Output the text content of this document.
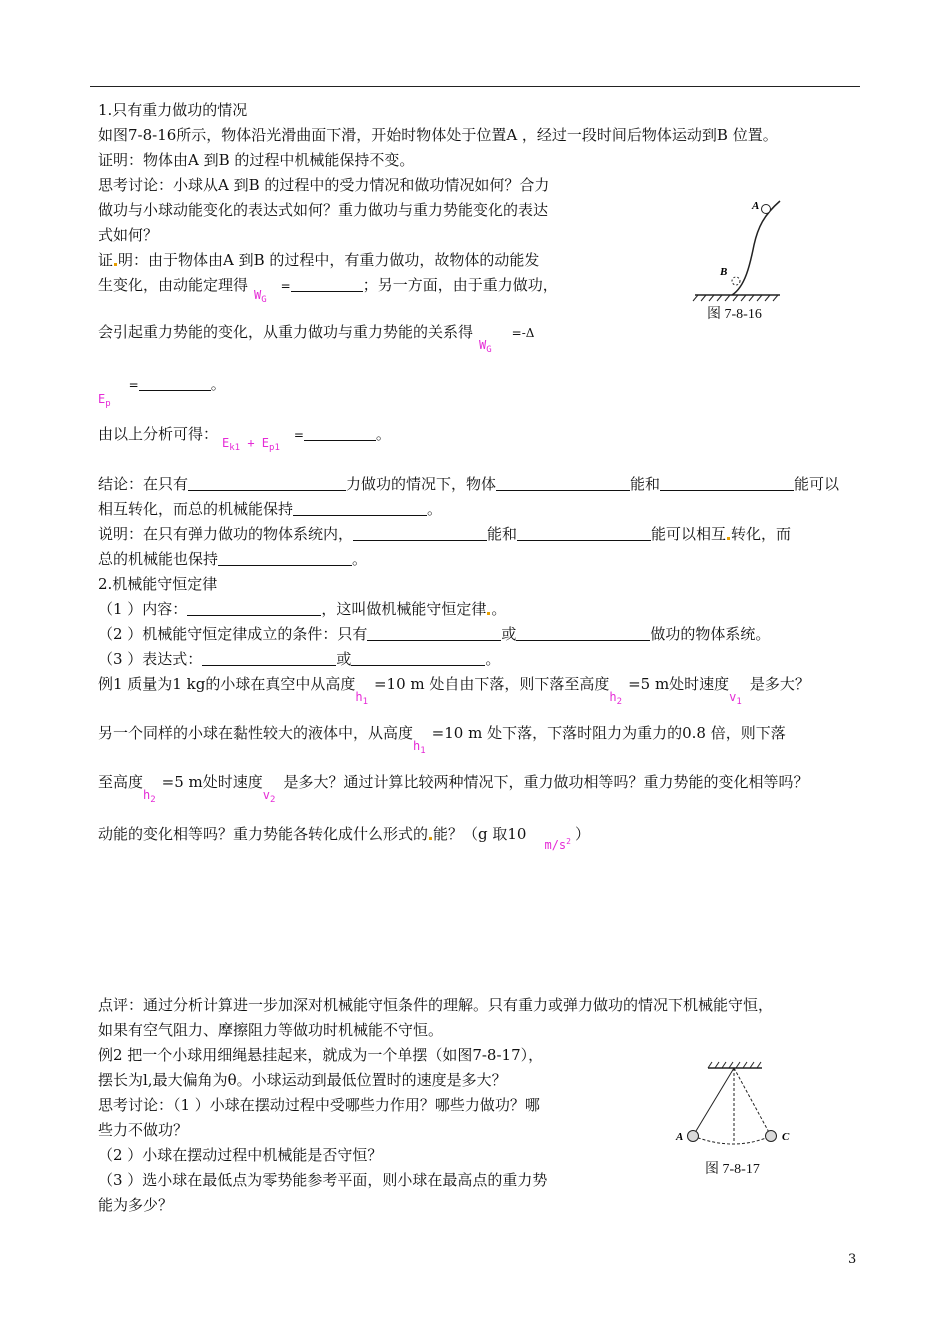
1.只有重力做功的情况
如图7-8-16所示，物体沿光滑曲面下滑，开始时物体处于位置A ，经过一段时间后物体运动到B 位置。
证明：物体由A 到B 的过程中机械能保持不变。
思考讨论：小球从A 到B 的过程中的受力情况和做功情况如何？合力
做功与小球动能变化的表达式如何？重力做功与重力势能变化的表达
式如何？
证 明：由于物体由A 到B 的过程中，有重力做功，故物体的动能发
生变化，由动能定理得$_{W_G}$=	；另一方面，由于重力做功，
会引起重力势能的变化，从重力做功与重力势能的关系得$_{W_G}$=-Δ
$_{E_p}$=	。
由以上分析可得： $_{E_{k1} + E_{p1}}$=	。
结论：在只有	力做功的情况下，物体	能和	能可以
相互转化，而总的机械能保持	。
说明：在只有弹力做功的物体系统内，	能和	能可以相互 转化，而
总的机械能也保持	。
2.机械能守恒定律
（1 ）内容：	，这叫做机械能守恒定律 。
（2 ）机械能守恒定律成立的条件：只有	或	做功的物体系统。
（3 ）表达式：	或	。
例1 质量为1 kg的小球在真空中从高度$_{h_1}$=10 m 处自由下落，则下落至高度$_{h_2}$=5 m处时速度$_{v_1}$是多大？
另一个同样的小球在黏性较大的液体中，从高度$_{h_1}$=10 m 处下落，下落时阻力为重力的0.8 倍，则下落
至高度$_{h_2}$=5 m处时速度$_{v_2}$是多大？通过计算比较两种情况下，重力做功相等吗？重力势能的变化相等吗？
动能的变化相等吗？重力势能各转化成什么形式的 能？（g 取$10_{m/s^2}$ ）
点评：通过分析计算进一步加深对机械能守恒条件的理解。只有重力或弹力做功的情况下机械能守恒，
如果有空气阻力、摩擦阻力等做功时机械能不守恒。
例2 把一个小球用细绳悬挂起来，就成为一个单摆（如图7-8-17），
摆长为l,最大偏角为θ。小球运动到最低位置时的速度是多大？
思考讨论：（1 ）小球在摆动过程中受哪些力作用？哪些力做功？哪
些力不做功？
（2 ）小球在摆动过程中机械能是否守恒？
（3 ）选小球在最低点为零势能参考平面，则小球在最高点的重力势
能为多少？
A
B
图 7-8-16
A	C
图 7-8-17
3
